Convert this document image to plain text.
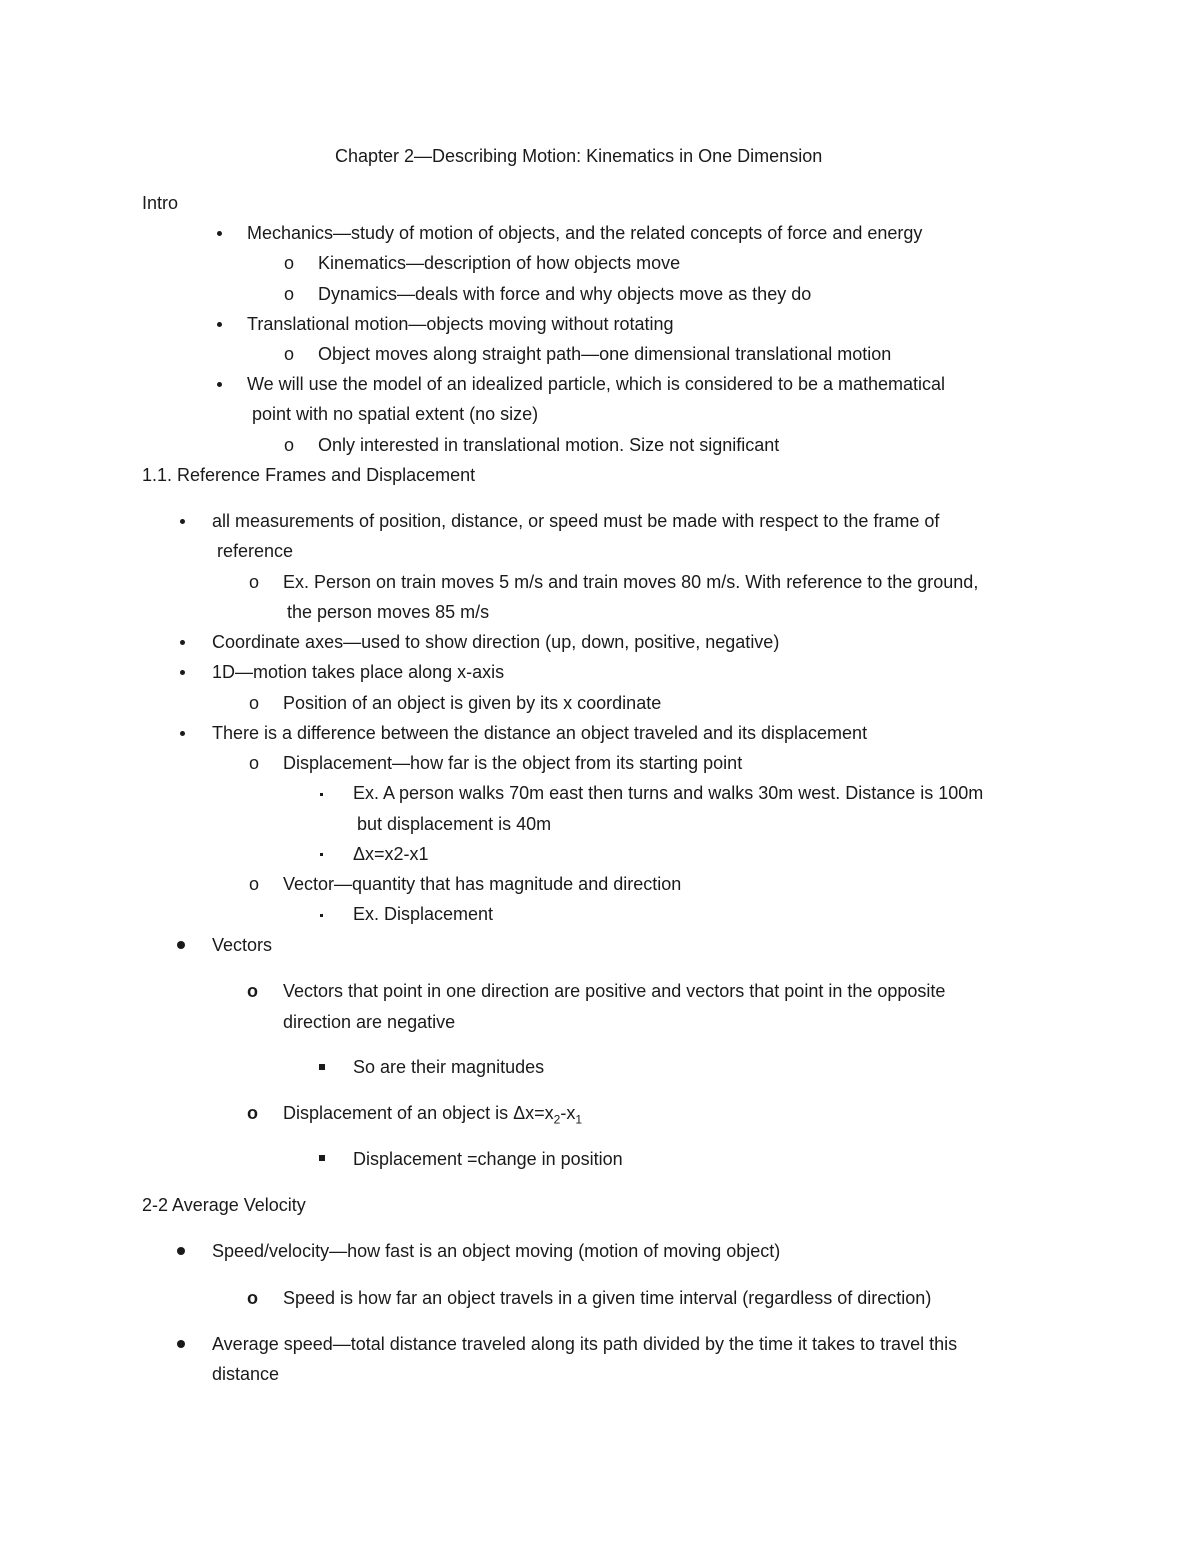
Chapter 2—Describing Motion: Kinematics in One Dimension
Intro
Mechanics—study of motion of objects, and the related concepts of force and energy
o Kinematics—description of how objects move
o Dynamics—deals with force and why objects move as they do
Translational motion—objects moving without rotating
o Object moves along straight path—one dimensional translational motion
We will use the model of an idealized particle, which is considered to be a mathematical
point with no spatial extent (no size)
o Only interested in translational motion. Size not significant
1.1. Reference Frames and Displacement
all measurements of position, distance, or speed must be made with respect to the frame of
reference
o Ex. Person on train moves 5 m/s and train moves 80 m/s. With reference to the ground,
the person moves 85 m/s
Coordinate axes—used to show direction (up, down, positive, negative)
1D—motion takes place along x-axis
o Position of an object is given by its x coordinate
There is a difference between the distance an object traveled and its displacement
o Displacement—how far is the object from its starting point
Ex. A person walks 70m east then turns and walks 30m west. Distance is 100m
but displacement is 40m
Δx=x2-x1
o Vector—quantity that has magnitude and direction
Ex. Displacement
Vectors
o Vectors that point in one direction are positive and vectors that point in the opposite
direction are negative
So are their magnitudes
o Displacement of an object is $\Delta x=x_2-x_1$
Displacement =change in position
2-2 Average Velocity
Speed/velocity—how fast is an object moving (motion of moving object)
o Speed is how far an object travels in a given time interval (regardless of direction)
Average speed—total distance traveled along its path divided by the time it takes to travel this
distance
